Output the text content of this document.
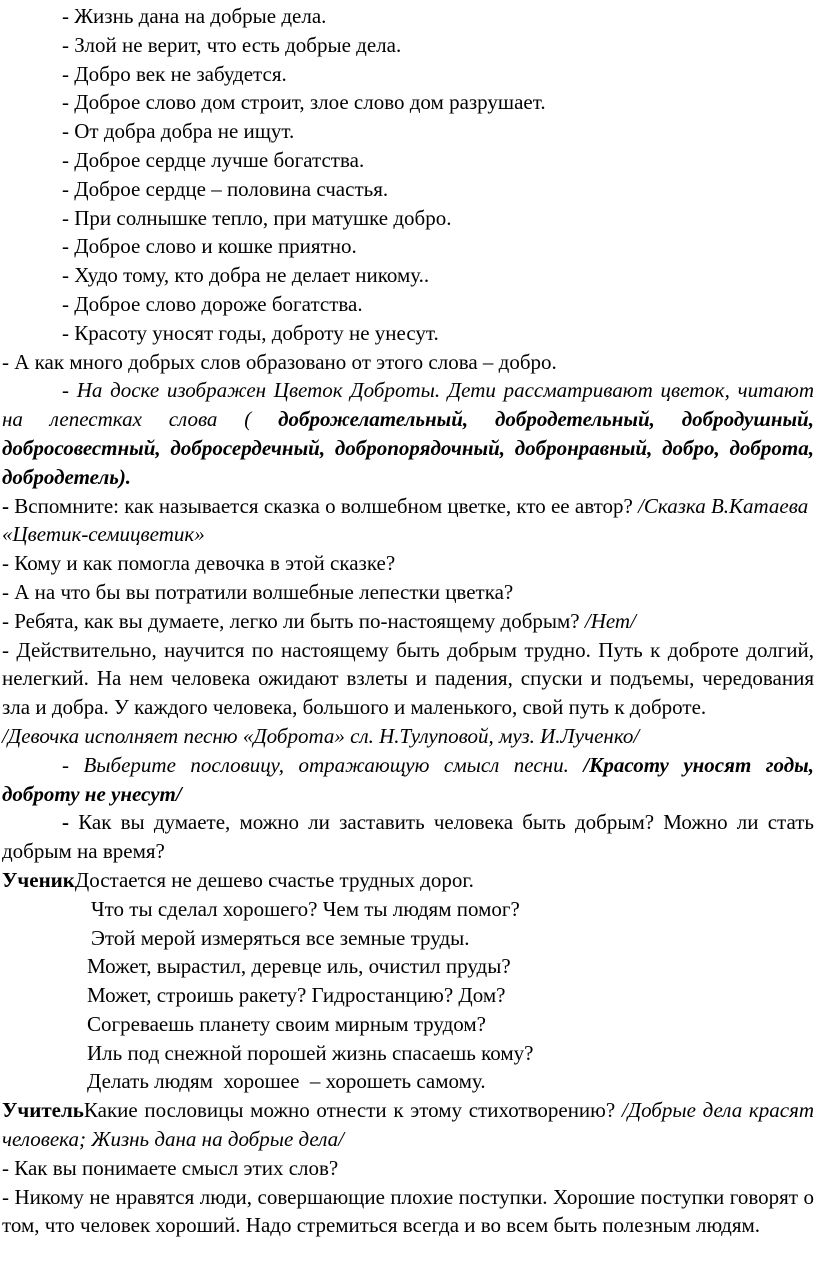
- Жизнь дана на добрые дела.

- Злой не верит, что есть добрые дела.

- Добро век не забудется.

- Доброе слово дом строит, злое слово дом разрушает.

- От добра добра не ищут.

- Доброе сердце лучше богатства.

- Доброе сердце – половина счастья.

- При солнышке тепло, при матушке добро.

- Доброе слово и кошке приятно.

- Худо тому, кто добра не делает никому..

- Доброе слово дороже богатства.

- Красоту уносят годы, доброту не унесут.

- А как много добрых слов образовано от этого слова – добро.

- На доске изображен Цветок Доброты. Дети рассматривают цветок, читают на лепестках слова ( доброжелательный, добродетельный, добродушный, добросовестный, добросердечный, добропорядочный, добронравный, добро, доброта, добродетель).

- Вспомните: как называется сказка о волшебном цветке, кто ее автор? /Сказка В.Катаева «Цветик-семицветик»

- Кому и как помогла девочка в этой сказке?

- А на что бы вы потратили волшебные лепестки цветка?

- Ребята, как вы думаете, легко ли быть по-настоящему добрым? /Нет/

- Действительно, научится по настоящему быть добрым трудно. Путь к доброте долгий, нелегкий. На нем человека ожидают взлеты и падения, спуски и подъемы, чередования зла и добра. У каждого человека, большого и маленького, свой путь к доброте.

/Девочка исполняет песню «Доброта» сл. Н.Тулуповой, муз. И.Лученко/

- Выберите пословицу, отражающую смысл песни. /Красоту уносят годы, доброту не унесут/

- Как вы думаете, можно ли заставить человека быть добрым? Можно ли стать добрым на время?

УченикДостается не дешево счастье трудных дорог.

Что ты сделал хорошего? Чем ты людям помог?

Этой мерой измеряться все земные труды.

Может, вырастил, деревце иль, очистил пруды?

Может, строишь ракету? Гидростанцию? Дом?

Согреваешь планету своим мирным трудом?

Иль под снежной порошей жизнь спасаешь кому?

Делать людям  хорошее  – хорошеть самому.

УчительКакие пословицы можно отнести к этому стихотворению? /Добрые дела красят человека; Жизнь дана на добрые дела/

- Как вы понимаете смысл этих слов?

- Никому не нравятся люди, совершающие плохие поступки. Хорошие поступки говорят о том, что человек хороший. Надо стремиться всегда и во всем быть полезным людям.
